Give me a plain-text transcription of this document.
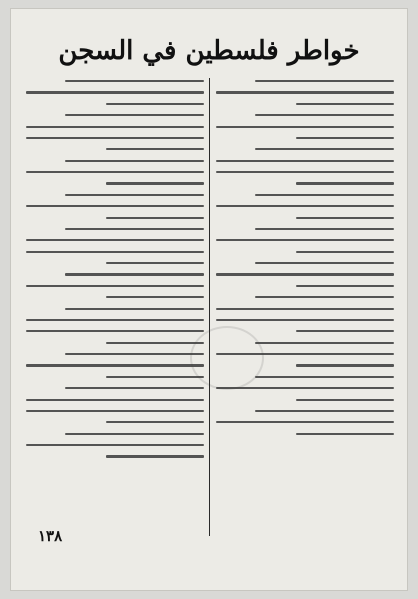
خواطر فلسطين في السجن
١٣٨
